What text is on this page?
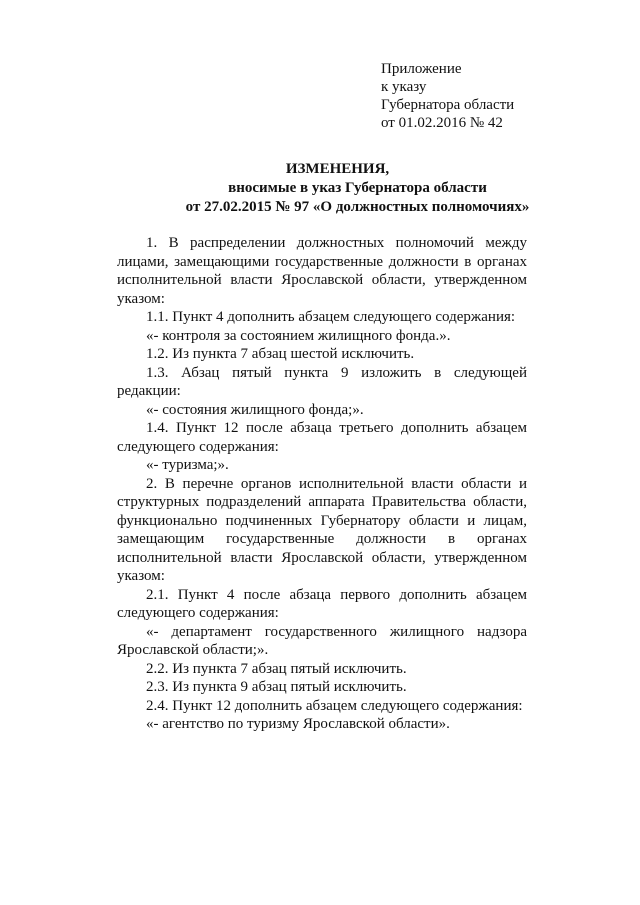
Приложение
к указу
Губернатора области
от 01.02.2016 № 42
ИЗМЕНЕНИЯ,
вносимые в указ Губернатора области
от 27.02.2015 № 97 «О должностных полномочиях»

1. В распределении должностных полномочий между лицами, замещающими государственные должности в органах исполнительной власти Ярославской области, утвержденном указом:

1.1. Пункт 4 дополнить абзацем следующего содержания:

«- контроля за состоянием жилищного фонда.».

1.2. Из пункта 7 абзац шестой исключить.

1.3. Абзац пятый пункта 9 изложить в следующей редакции:

«- состояния жилищного фонда;».

1.4. Пункт 12 после абзаца третьего дополнить абзацем следующего содержания:

«- туризма;».

2. В перечне органов исполнительной власти области и структурных подразделений аппарата Правительства области, функционально подчиненных Губернатору области и лицам, замещающим государственные должности в органах исполнительной власти Ярославской области, утвержденном указом:

2.1. Пункт 4 после абзаца первого дополнить абзацем следующего содержания:

«- департамент государственного жилищного надзора Ярославской области;».

2.2. Из пункта 7 абзац пятый исключить.

2.3. Из пункта 9 абзац пятый исключить.

2.4. Пункт 12 дополнить абзацем следующего содержания:

«- агентство по туризму Ярославской области».
